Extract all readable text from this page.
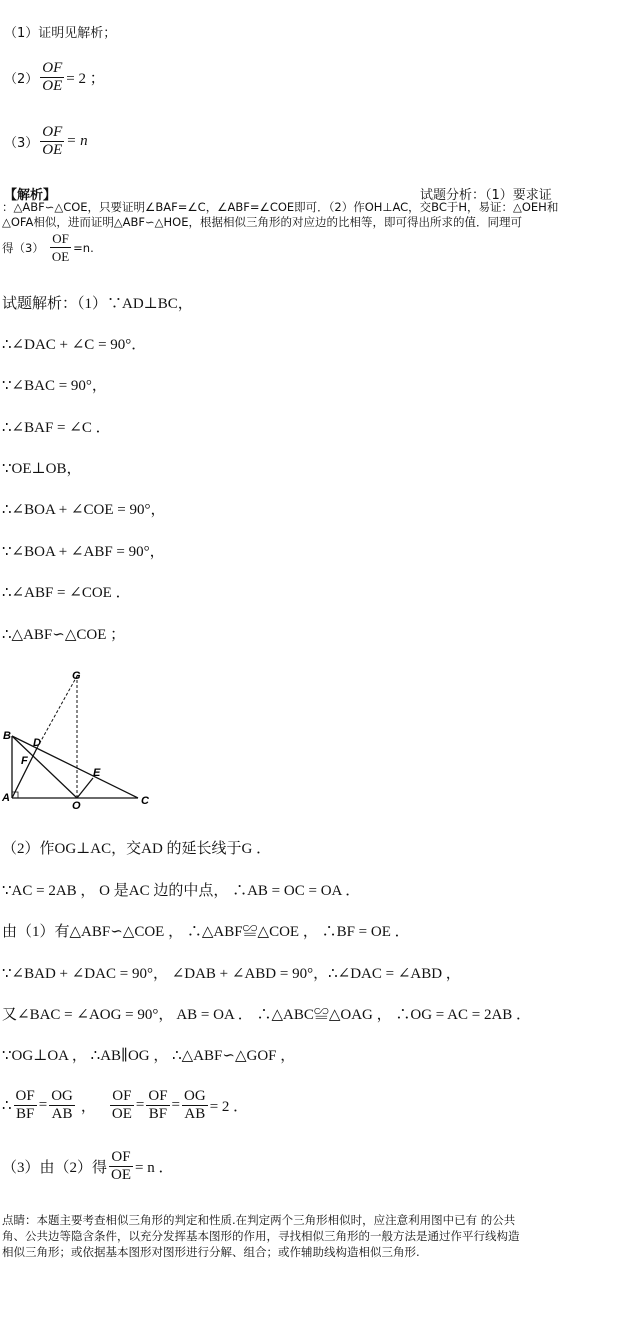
（1）证明见解析；
$(2) \frac{OF}{OE} = 2$ ；
$(3) \frac{OF}{OE} = n$
【解析】	试题分析：（1）要求证
：△ABF∽△COE，只要证明∠BAF=∠C，∠ABF=∠COE即可．（2）作OH⊥AC，交BC于H，易证：△OEH和
△OFA相似，进而证明△ABF∽△HOE，根据相似三角形的对应边的比相等，即可得出所求的值．同理可
得$(3) \frac{OF}{OE} =n$.
试题解析：（1）∵AD⊥BC，
∴∠DAC + ∠C = 90°．
∵∠BAC = 90°，
∴∠BAF = ∠C ．
∵OE⊥OB，
∴∠BOA + ∠COE = 90°，
∵∠BOA + ∠ABF = 90°，
∴∠ABF = ∠COE ．
∴△ABF∽△COE ；
G
B
D
F
E
A
O	C
（2）作OG⊥AC，交AD 的延长线于G ．
∵AC = 2AB ， O 是AC 边的中点， ∴AB = OC = OA ．
由（1）有△ABF∽△COE ， ∴△ABF≌△COE ， ∴BF = OE ．
∵∠BAD + ∠DAC = 90°， ∠DAB + ∠ABD = 90°，∴∠DAC = ∠ABD ，
又∠BAC = ∠AOG = 90°， AB = OA ． ∴△ABC≌△OAG ， ∴OG = AC = 2AB ．
∵OG⊥OA ， ∴AB∥OG ， ∴△ABF∽△GOF ，
∴ $\frac{OF}{BF} = \frac{OG}{AB}$ ， $\frac{OF}{OE} = \frac{OF}{BF} = \frac{OG}{AB} = 2$ ．
（3）由（2）得 $\frac{OF}{OE} = n$ ．
点睛：本题主要考查相似三角形的判定和性质.在判定两个三角形相似时，应注意利用图中已有 的公共
角、公共边等隐含条件，以充分发挥基本图形的作用，寻找相似三角形的一般方法是通过作平行线构造
相似三角形；或依据基本图形对图形进行分解、组合；或作辅助线构造相似三角形.
